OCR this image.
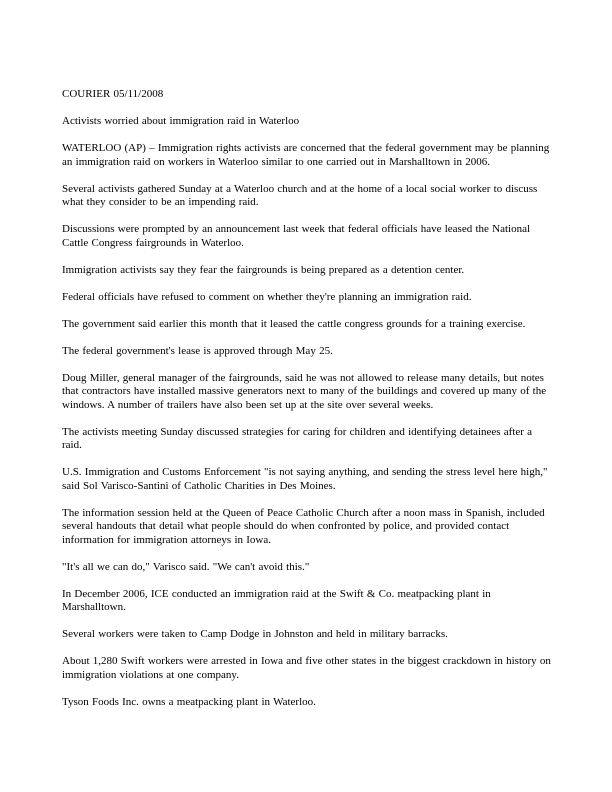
COURIER 05/11/2008

Activists worried about immigration raid in Waterloo

WATERLOO (AP) – Immigration rights activists are concerned that the federal government may be planning an immigration raid on workers in Waterloo similar to one carried out in Marshalltown in 2006.

Several activists gathered Sunday at a Waterloo church and at the home of a local social worker to discuss what they consider to be an impending raid.

Discussions were prompted by an announcement last week that federal officials have leased the National Cattle Congress fairgrounds in Waterloo.

Immigration activists say they fear the fairgrounds is being prepared as a detention center.

Federal officials have refused to comment on whether they're planning an immigration raid.

The government said earlier this month that it leased the cattle congress grounds for a training exercise.

The federal government's lease is approved through May 25.

Doug Miller, general manager of the fairgrounds, said he was not allowed to release many details, but notes that contractors have installed massive generators next to many of the buildings and covered up many of the windows. A number of trailers have also been set up at the site over several weeks.

The activists meeting Sunday discussed strategies for caring for children and identifying detainees after a raid.

U.S. Immigration and Customs Enforcement "is not saying anything, and sending the stress level here high," said Sol Varisco-Santini of Catholic Charities in Des Moines.

The information session held at the Queen of Peace Catholic Church after a noon mass in Spanish, included several handouts that detail what people should do when confronted by police, and provided contact information for immigration attorneys in Iowa.

"It's all we can do," Varisco said. "We can't avoid this."

In December 2006, ICE conducted an immigration raid at the Swift & Co. meatpacking plant in Marshalltown.

Several workers were taken to Camp Dodge in Johnston and held in military barracks.

About 1,280 Swift workers were arrested in Iowa and five other states in the biggest crackdown in history on immigration violations at one company.

Tyson Foods Inc. owns a meatpacking plant in Waterloo.
